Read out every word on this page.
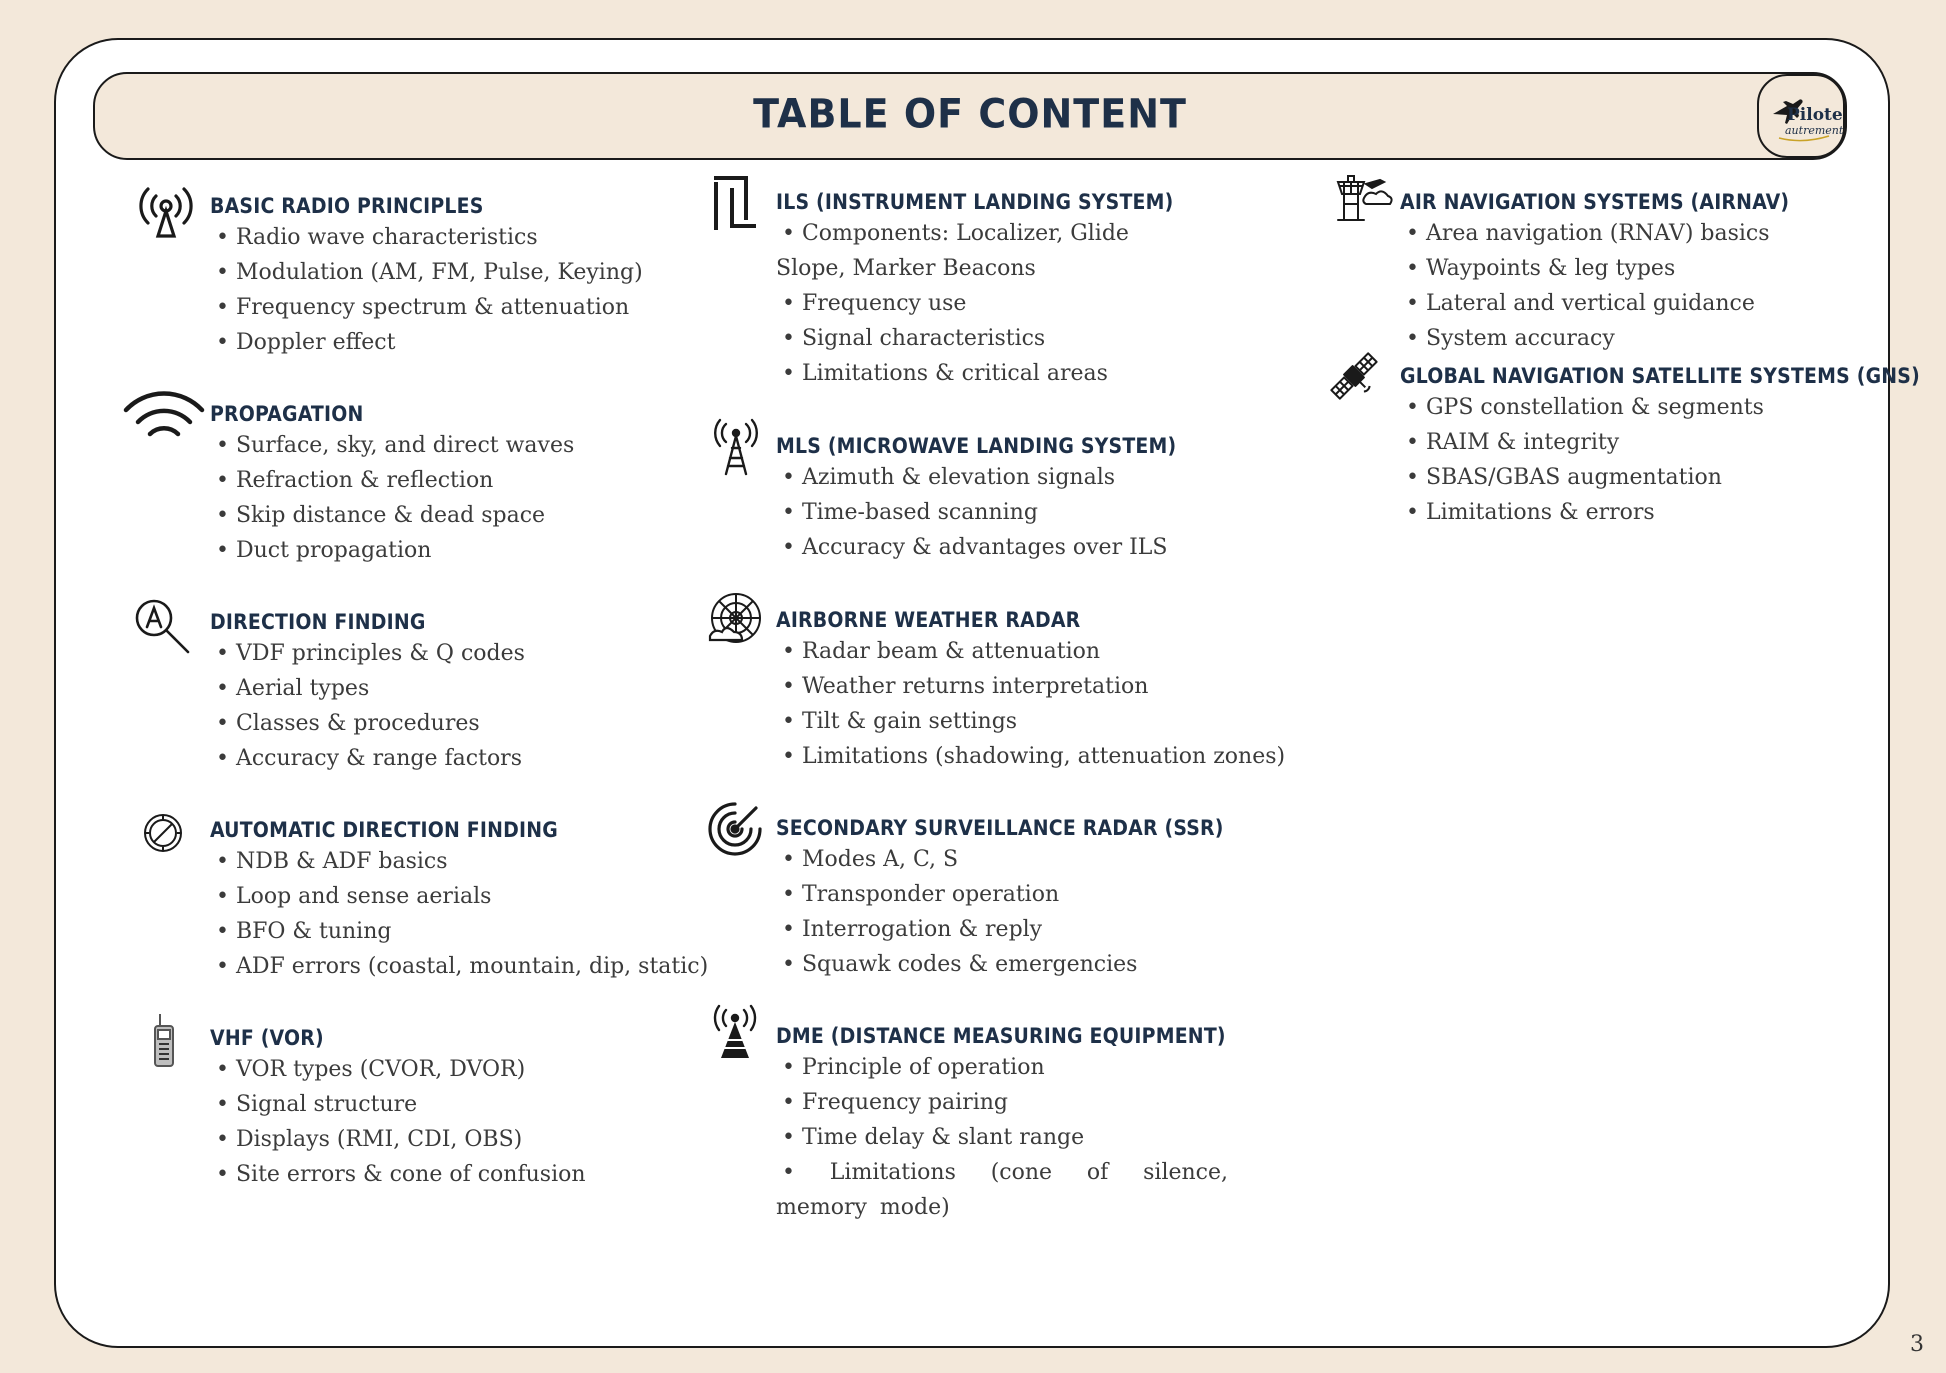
TABLE OF CONTENT	Pilote
autrement
BASIC RADIO PRINCIPLES
• Radio wave characteristics
• Modulation (AM, FM, Pulse, Keying)
• Frequency spectrum & attenuation
• Doppler effect
PROPAGATION
• Surface, sky, and direct waves
• Refraction & reflection
• Skip distance & dead space
• Duct propagation
DIRECTION FINDING
• VDF principles & Q codes
• Aerial types
• Classes & procedures
• Accuracy & range factors
AUTOMATIC DIRECTION FINDING
• NDB & ADF basics
• Loop and sense aerials
• BFO & tuning
• ADF errors (coastal, mountain, dip, static)
VHF (VOR)
• VOR types (CVOR, DVOR)
• Signal structure
• Displays (RMI, CDI, OBS)
• Site errors & cone of confusion
ILS (INSTRUMENT LANDING SYSTEM)
• Components: Localizer, Glide Slope, Marker Beacons
• Frequency use
• Signal characteristics
• Limitations & critical areas
MLS (MICROWAVE LANDING SYSTEM)
• Azimuth & elevation signals
• Time-based scanning
• Accuracy & advantages over ILS
AIRBORNE WEATHER RADAR
• Radar beam & attenuation
• Weather returns interpretation
• Tilt & gain settings
• Limitations (shadowing, attenuation zones)
SECONDARY SURVEILLANCE RADAR (SSR)
• Modes A, C, S
• Transponder operation
• Interrogation & reply
• Squawk codes & emergencies
DME (DISTANCE MEASURING EQUIPMENT)
• Principle of operation
• Frequency pairing
• Time delay & slant range
• Limitations (cone of silence, memory mode)
AIR NAVIGATION SYSTEMS (AIRNAV)
• Area navigation (RNAV) basics
• Waypoints & leg types
• Lateral and vertical guidance
• System accuracy
GLOBAL NAVIGATION SATELLITE SYSTEMS (GNS)
• GPS constellation & segments
• RAIM & integrity
• SBAS/GBAS augmentation
• Limitations & errors
3
